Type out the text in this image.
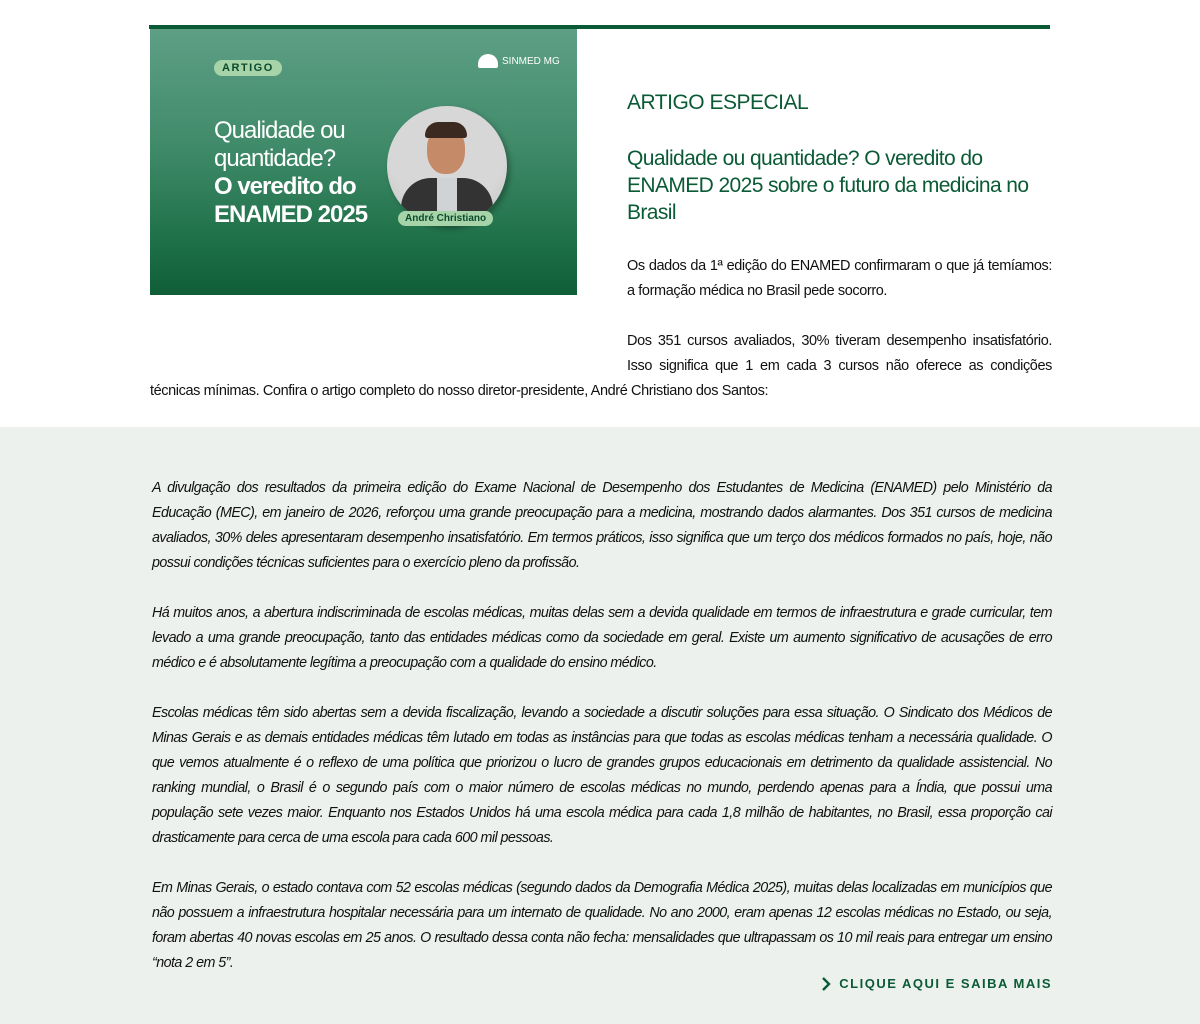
ARTIGO
SINMED MG
Qualidade ou
quantidade?
O veredito do
ENAMED 2025	André Christiano
ARTIGO ESPECIAL
Qualidade ou quantidade? O veredito do ENAMED 2025 sobre o futuro da medicina no Brasil

Os dados da 1ª edição do ENAMED confirmaram o que já temíamos: a formação médica no Brasil pede socorro.

Dos 351 cursos avaliados, 30% tiveram desempenho insatisfatório. Isso significa que 1 em cada 3 cursos não oferece as condições técnicas mínimas. Confira o artigo completo do nosso diretor-presidente, André Christiano dos Santos:

A divulgação dos resultados da primeira edição do Exame Nacional de Desempenho dos Estudantes de Medicina (ENAMED) pelo Ministério da Educação (MEC), em janeiro de 2026, reforçou uma grande preocupação para a medicina, mostrando dados alarmantes. Dos 351 cursos de medicina avaliados, 30% deles apresentaram desempenho insatisfatório. Em termos práticos, isso significa que um terço dos médicos formados no país, hoje, não possui condições técnicas suficientes para o exercício pleno da profissão.

Há muitos anos, a abertura indiscriminada de escolas médicas, muitas delas sem a devida qualidade em termos de infraestrutura e grade curricular, tem levado a uma grande preocupação, tanto das entidades médicas como da sociedade em geral. Existe um aumento significativo de acusações de erro médico e é absolutamente legítima a preocupação com a qualidade do ensino médico.

Escolas médicas têm sido abertas sem a devida fiscalização, levando a sociedade a discutir soluções para essa situação. O Sindicato dos Médicos de Minas Gerais e as demais entidades médicas têm lutado em todas as instâncias para que todas as escolas médicas tenham a necessária qualidade. O que vemos atualmente é o reflexo de uma política que priorizou o lucro de grandes grupos educacionais em detrimento da qualidade assistencial. No ranking mundial, o Brasil é o segundo país com o maior número de escolas médicas no mundo, perdendo apenas para a Índia, que possui uma população sete vezes maior. Enquanto nos Estados Unidos há uma escola médica para cada 1,8 milhão de habitantes, no Brasil, essa proporção cai drasticamente para cerca de uma escola para cada 600 mil pessoas.

Em Minas Gerais, o estado contava com 52 escolas médicas (segundo dados da Demografia Médica 2025), muitas delas localizadas em municípios que não possuem a infraestrutura hospitalar necessária para um internato de qualidade. No ano 2000, eram apenas 12 escolas médicas no Estado, ou seja, foram abertas 40 novas escolas em 25 anos. O resultado dessa conta não fecha: mensalidades que ultrapassam os 10 mil reais para entregar um ensino “nota 2 em 5”.

CLIQUE AQUI E SAIBA MAIS
